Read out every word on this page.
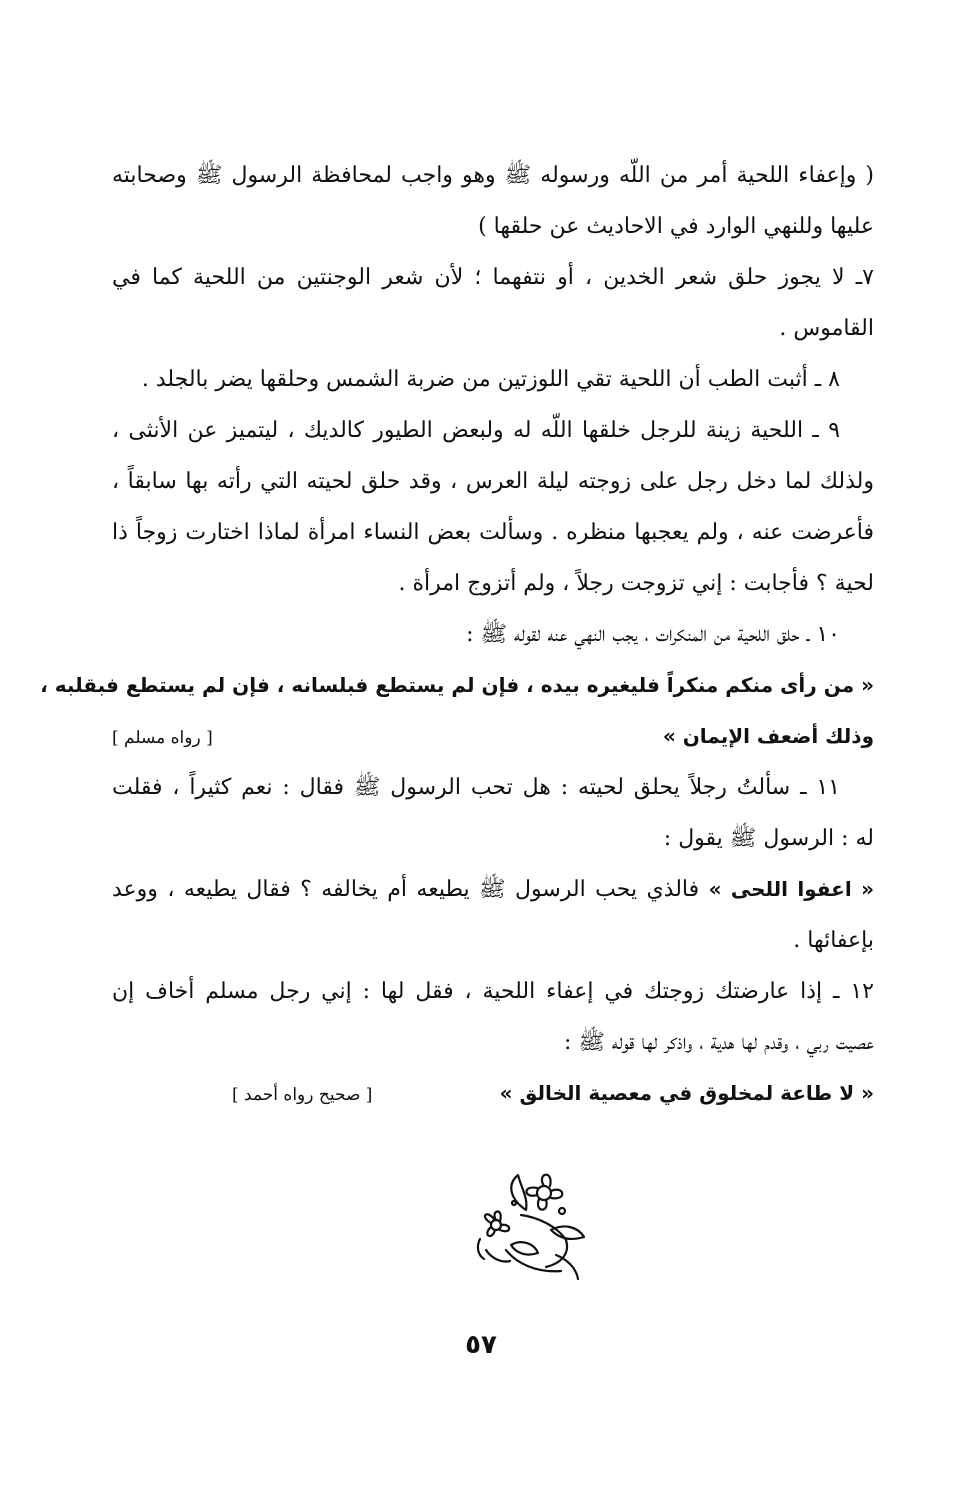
( وإعفاء اللحية أمر من اللّه ورسوله ﷺ وهو واجب لمحافظة الرسول ﷺ وصحابته
عليها وللنهي الوارد في الاحاديث عن حلقها )
٧ـ لا يجوز حلق شعر الخدين ، أو نتفهما ؛ لأن شعر الوجنتين من اللحية كما في
القاموس .
٨ ـ أثبت الطب أن اللحية تقي اللوزتين من ضربة الشمس وحلقها يضر بالجلد .
٩ ـ اللحية زينة للرجل خلقها اللّه له ولبعض الطيور كالديك ، ليتميز عن الأنثى ،
ولذلك لما دخل رجل على زوجته ليلة العرس ، وقد حلق لحيته التي رأته بها سابقاً ،
فأعرضت عنه ، ولم يعجبها منظره . وسألت بعض النساء امرأة لماذا اختارت زوجاً ذا
لحية ؟ فأجابت : إني تزوجت رجلاً ، ولم أتزوج امرأة .
١٠ ـ حلق اللحية من المنكرات ، يجب النهي عنه لقوله ﷺ :
« من رأى منكم منكراً فليغيره بيده ، فإن لم يستطع فبلسانه ، فإن لم يستطع فبقلبه ،
وذلك أضعف الإيمان »
[ رواه مسلم ]
١١ ـ سألتُ رجلاً يحلق لحيته : هل تحب الرسول ﷺ فقال : نعم كثيراً ، فقلت
له : الرسول ﷺ يقول :
« اعفوا اللحى » فالذي يحب الرسول ﷺ يطيعه أم يخالفه ؟ فقال يطيعه ، ووعد
بإعفائها .
١٢ ـ إذا عارضتك زوجتك في إعفاء اللحية ، فقل لها : إني رجل مسلم أخاف إن
عصيت ربي ، وقدم لها هدية ، واذكر لها قوله ﷺ :
« لا طاعة لمخلوق في معصية الخالق »
[ صحيح رواه أحمد ]
٥٧
